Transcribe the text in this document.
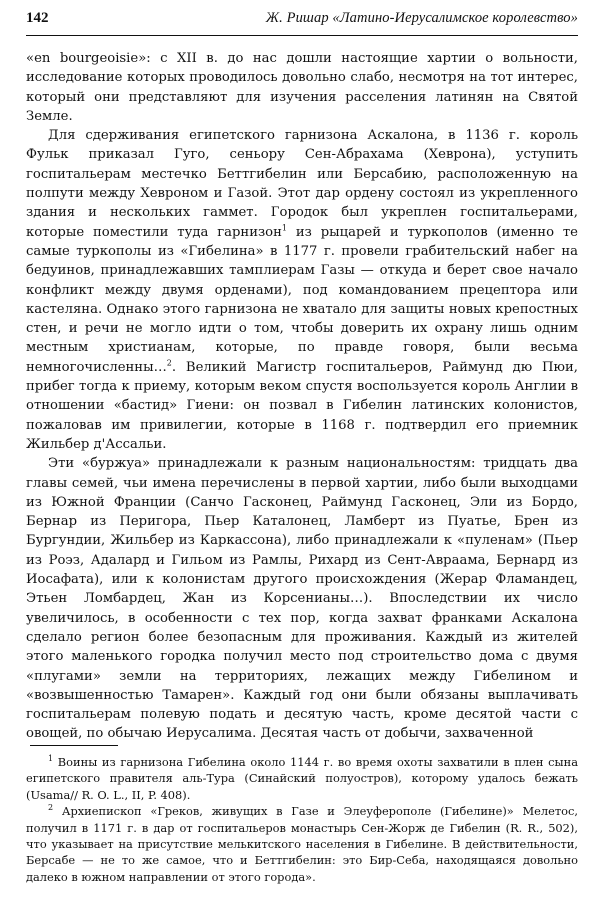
142	Ж. Ришар «Латино-Иерусалимское королевство»

«en bourgeoisie»: с XII в. до нас дошли настоящие хартии о вольности, исследование которых проводилось довольно слабо, несмотря на тот интерес, который они представляют для изучения расселения латинян на Святой Земле.

Для сдерживания египетского гарнизона Аскалона, в 1136 г. король Фульк приказал Гуго, сеньору Сен-Абрахама (Хеврона), уступить госпитальерам местечко Беттгибелин или Берсабию, расположенную на полпути между Хевроном и Газой. Этот дар ордену состоял из укрепленного здания и нескольких гаммет. Городок был укреплен госпитальерами, которые поместили туда гарнизон$^1$ из рыцарей и туркополов (именно те самые туркополы из «Гибелина» в 1177 г. провели грабительский набег на бедуинов, принадлежавших тамплиерам Газы — откуда и берет свое начало конфликт между двумя орденами), под командованием прецептора или кастеляна. Однако этого гарнизона не хватало для защиты новых крепостных стен, и речи не могло идти о том, чтобы доверить их охрану лишь одним местным христианам, которые, по правде говоря, были весьма немногочисленны…$^2$. Великий Магистр госпитальеров, Раймунд дю Пюи, прибег тогда к приему, которым веком спустя воспользуется король Англии в отношении «бастид» Гиени: он позвал в Гибелин латинских колонистов, пожаловав им привилегии, которые в 1168 г. подтвердил его приемник Жильбер д'Ассальи.

Эти «буржуа» принадлежали к разным национальностям: тридцать два главы семей, чьи имена перечислены в первой хартии, либо были выходцами из Южной Франции (Санчо Гасконец, Раймунд Гасконец, Эли из Бордо, Бернар из Перигора, Пьер Каталонец, Ламберт из Пуатье, Брен из Бургундии, Жильбер из Каркассона), либо принадлежали к «пуленам» (Пьер из Роэз, Адалард и Гильом из Рамлы, Рихард из Сент-Авраама, Бернард из Иосафата), или к колонистам другого происхождения (Жерар Фламандец, Этьен Ломбардец, Жан из Корсенианы…). Впоследствии их число увеличилось, в особенности с тех пор, когда захват франками Аскалона сделало регион более безопасным для проживания. Каждый из жителей этого маленького городка получил место под строительство дома с двумя «плугами» земли на территориях, лежащих между Гибелином и «возвышенностью Тамарен». Каждый год они были обязаны выплачивать госпитальерам полевую подать и десятую часть, кроме десятой части с овощей, по обычаю Иерусалима. Десятая часть от добычи, захваченной

$^1$ Воины из гарнизона Гибелина около 1144 г. во время охоты захватили в плен сына египетского правителя аль-Тура (Синайский полуостров), которому удалось бежать (Usama// R. O. L., II, P. 408).

$^2$ Архиепископ «Греков, живущих в Газе и Элеуферополе (Гибелине)» Мелетос, получил в 1171 г. в дар от госпитальеров монастырь Сен-Жорж де Гибелин (R. R., 502), что указывает на присутствие мелькитского населения в Гибелине. В действительности, Берсабе — не то же самое, что и Беттгибелин: это Бир-Себа, находящаяся довольно далеко в южном направлении от этого города».
